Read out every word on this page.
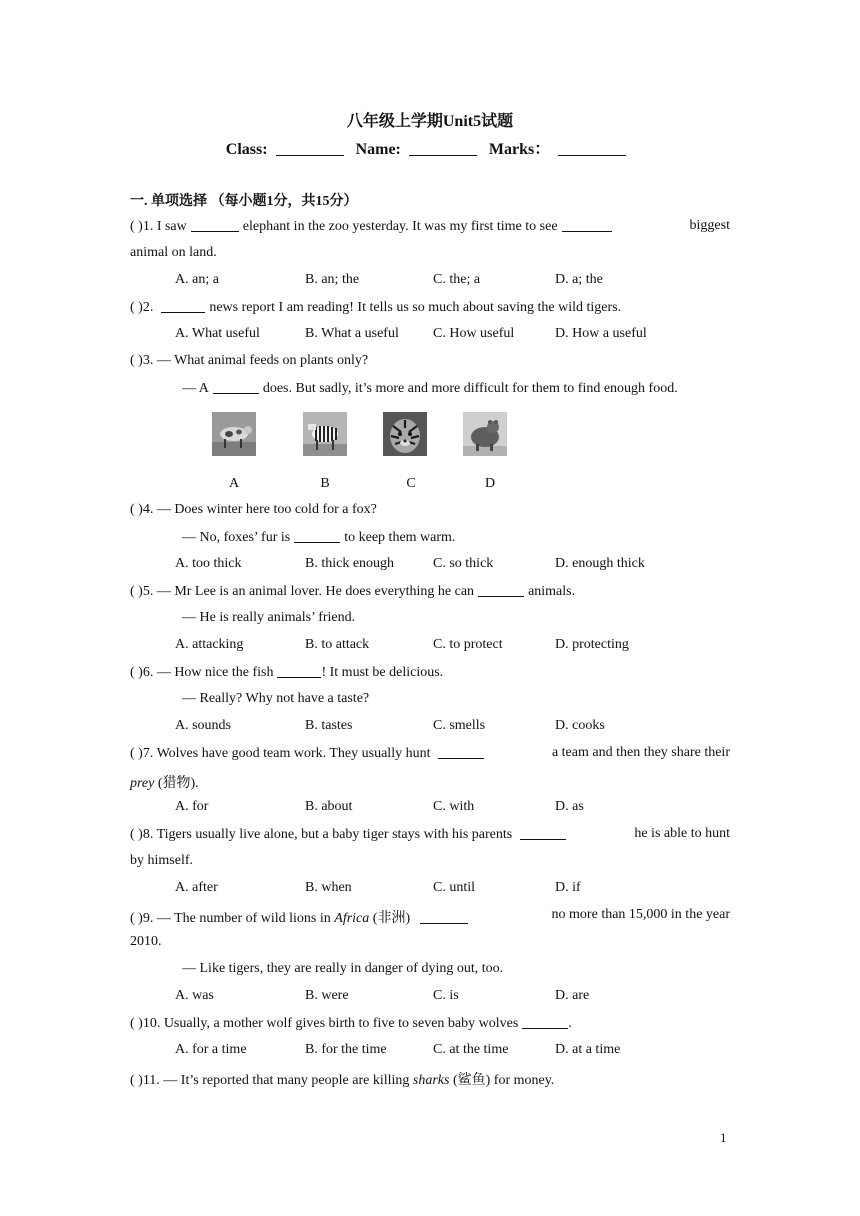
八年级上学期Unit5试题
Class:	Name:	Marks：
一. 单项选择 （每小题1分，共15分）
( )1. I saw	elephant in the zoo yesterday. It was my first time to see	biggest
animal on land.
A. an; a	B. an; the	C. the; a	D. a; the
( )2.	news report I am reading! It tells us so much about saving the wild tigers.
A. What useful	B. What a useful C. How useful	D. How a useful
( )3. — What animal feeds on plants only?
— A	does. But sadly, it’s more and more difficult for them to find enough food.
A	B	C	D
( )4. — Does winter here too cold for a fox?
— No, foxes’ fur is	to keep them warm.
A. too thick	B. thick enough	C. so thick	D. enough thick
( )5. — Mr Lee is an animal lover. He does everything he can	animals.
— He is really animals’ friend.
A. attacking	B. to attack	C. to protect	D. protecting
( )6. — How nice the fish	! It must be delicious.
— Really? Why not have a taste?
A. sounds	B. tastes	C. smells	D. cooks
( )7. Wolves have good team work. They usually hunt	a team and then they share their
prey (猎物).
A. for	B. about	C. with	D. as
( )8. Tigers usually live alone, but a baby tiger stays with his parents	he is able to hunt
by himself.
A. after	B. when	C. until	D. if
( )9. — The number of wild lions in Africa (非洲)	no more than 15,000 in the year
2010.
— Like tigers, they are really in danger of dying out, too.
A. was	B. were	C. is	D. are
( )10. Usually, a mother wolf gives birth to five to seven baby wolves	.
A. for a time	B. for the time	C. at the time	D. at a time
( )11. — It’s reported that many people are killing sharks (鲨鱼) for money.
1
